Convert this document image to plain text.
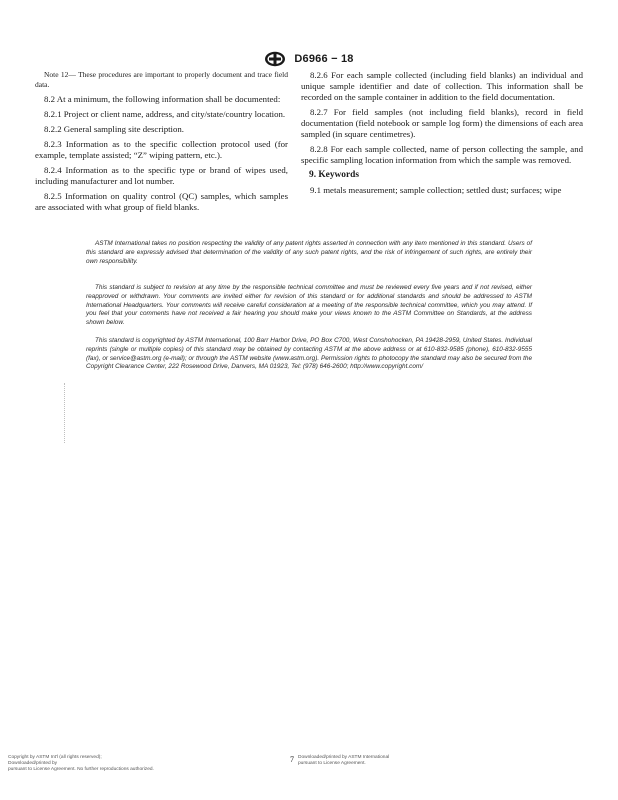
D6966 − 18

Note 12— These procedures are important to properly document and trace field data.

8.2 At a minimum, the following information shall be documented:

8.2.1 Project or client name, address, and city/state/country location.

8.2.2 General sampling site description.

8.2.3 Information as to the specific collection protocol used (for example, template assisted; “Z” wiping pattern, etc.).

8.2.4 Information as to the specific type or brand of wipes used, including manufacturer and lot number.

8.2.5 Information on quality control (QC) samples, which samples are associated with what group of field blanks.

8.2.6 For each sample collected (including field blanks) an individual and unique sample identifier and date of collection. This information shall be recorded on the sample container in addition to the field documentation.

8.2.7 For field samples (not including field blanks), record in field documentation (field notebook or sample log form) the dimensions of each area sampled (in square centimetres).

8.2.8 For each sample collected, name of person collecting the sample, and specific sampling location information from which the sample was removed.

9. Keywords

9.1 metals measurement; sample collection; settled dust; surfaces; wipe

ASTM International takes no position respecting the validity of any patent rights asserted in connection with any item mentioned in this standard. Users of this standard are expressly advised that determination of the validity of any such patent rights, and the risk of infringement of such rights, are entirely their own responsibility.

This standard is subject to revision at any time by the responsible technical committee and must be reviewed every five years and if not revised, either reapproved or withdrawn. Your comments are invited either for revision of this standard or for additional standards and should be addressed to ASTM International Headquarters. Your comments will receive careful consideration at a meeting of the responsible technical committee, which you may attend. If you feel that your comments have not received a fair hearing you should make your views known to the ASTM Committee on Standards, at the address shown below.

This standard is copyrighted by ASTM International, 100 Barr Harbor Drive, PO Box C700, West Conshohocken, PA 19428-2959, United States. Individual reprints (single or multiple copies) of this standard may be obtained by contacting ASTM at the above address or at 610-832-9585 (phone), 610-832-9555 (fax), or service@astm.org (e-mail); or through the ASTM website (www.astm.org). Permission rights to photocopy the standard may also be secured from the Copyright Clearance Center, 222 Rosewood Drive, Danvers, MA 01923, Tel: (978) 646-2600; http://www.copyright.com/

Copyright by ASTM Int'l (all rights reserved);
Downloaded/printed by
pursuant to License Agreement. No further reproductions authorized.
7 Downloaded/printed by ASTM International
pursuant to License Agreement.
